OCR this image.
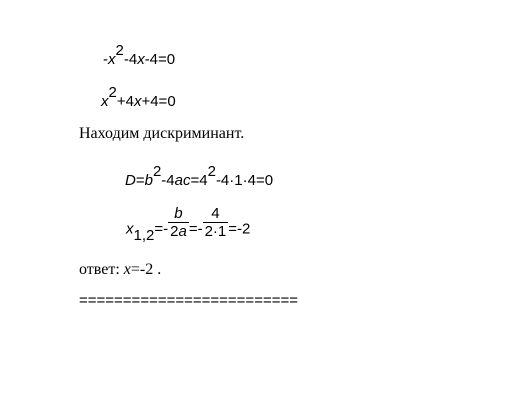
-x2-4x-4=0
x2+4x+4=0
Находим дискриминант.
D=b2-4ac=42-4·1·4=0
$x1,2=- \frac{b}{2a} =- \frac{4}{2\cdot 1} =-2$
ответ: x=-2 .
=========================
